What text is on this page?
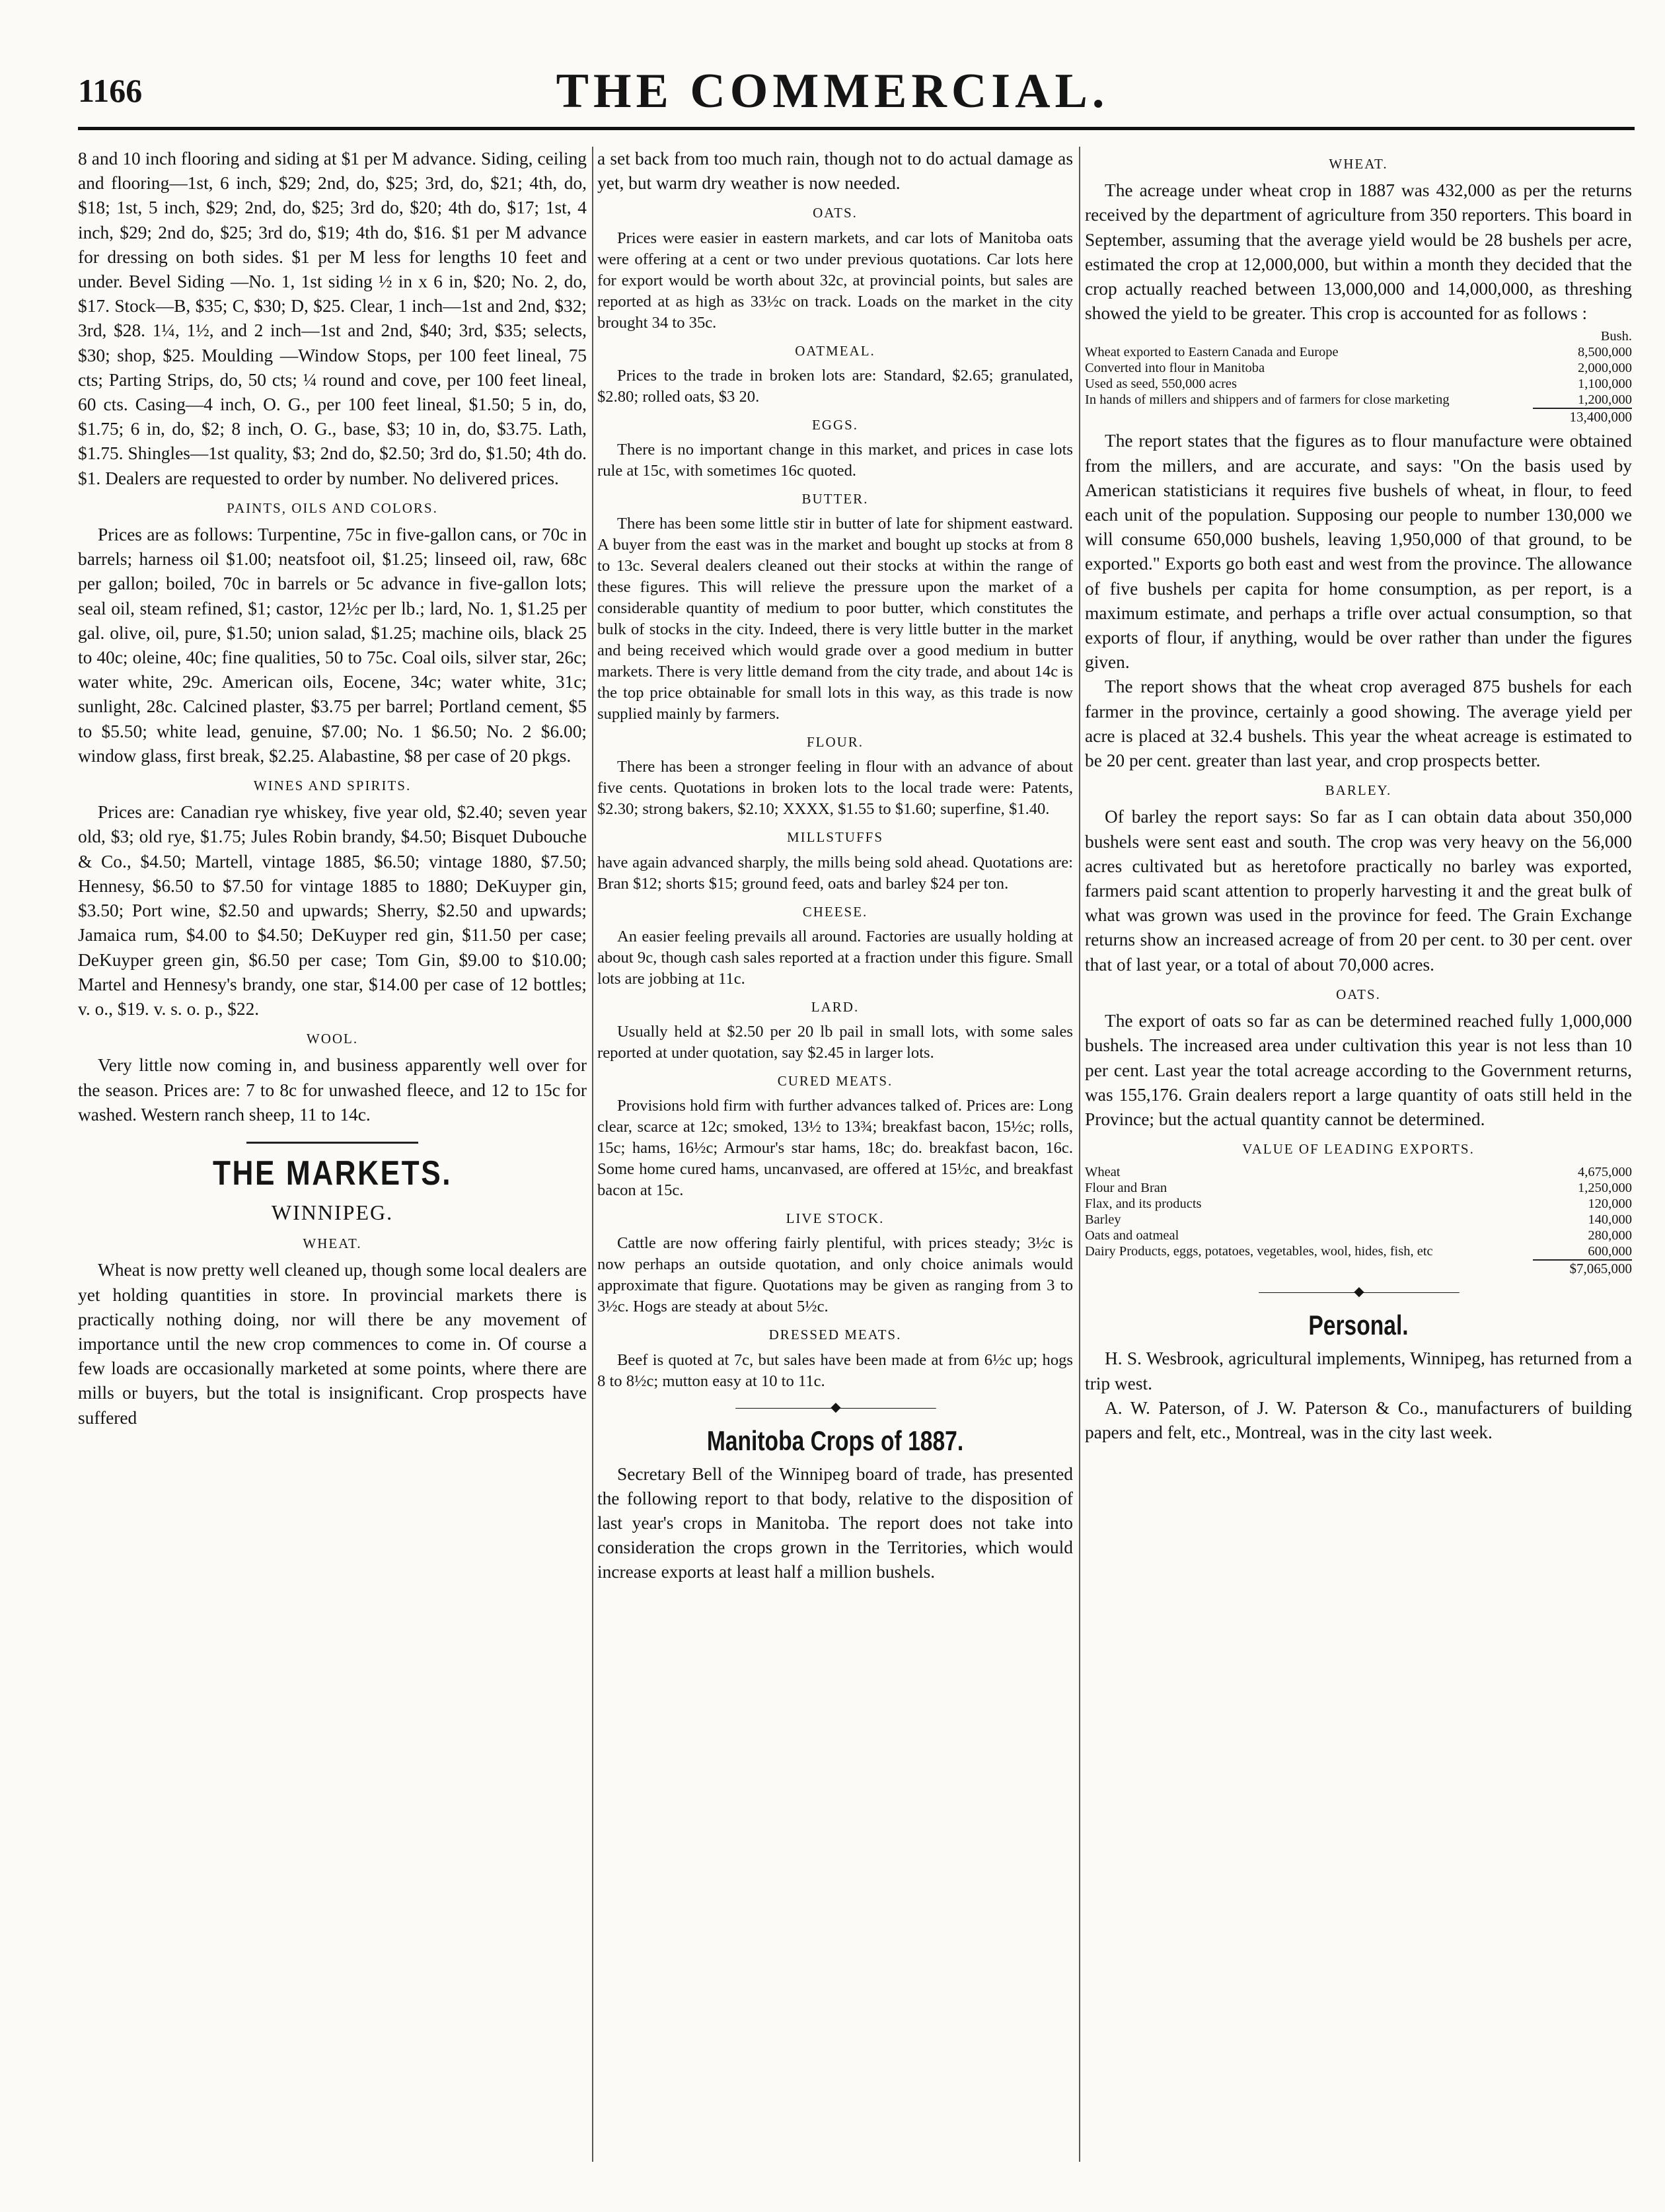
1166	THE COMMERCIAL.

8 and 10 inch flooring and siding at $1 per M advance. Siding, ceiling and flooring—1st, 6 inch, $29; 2nd, do, $25; 3rd, do, $21; 4th, do, $18; 1st, 5 inch, $29; 2nd, do, $25; 3rd do, $20; 4th do, $17; 1st, 4 inch, $29; 2nd do, $25; 3rd do, $19; 4th do, $16. $1 per M advance for dressing on both sides. $1 per M less for lengths 10 feet and under. Bevel Siding —No. 1, 1st siding ½ in x 6 in, $20; No. 2, do, $17. Stock—B, $35; C, $30; D, $25. Clear, 1 inch—1st and 2nd, $32; 3rd, $28. 1¼, 1½, and 2 inch—1st and 2nd, $40; 3rd, $35; selects, $30; shop, $25. Moulding —Window Stops, per 100 feet lineal, 75 cts; Parting Strips, do, 50 cts; ¼ round and cove, per 100 feet lineal, 60 cts. Casing—4 inch, O. G., per 100 feet lineal, $1.50; 5 in, do, $1.75; 6 in, do, $2; 8 inch, O. G., base, $3; 10 in, do, $3.75. Lath, $1.75. Shingles—1st quality, $3; 2nd do, $2.50; 3rd do, $1.50; 4th do. $1. Dealers are requested to order by number. No delivered prices.

PAINTS, OILS AND COLORS.

Prices are as follows: Turpentine, 75c in five-gallon cans, or 70c in barrels; harness oil $1.00; neatsfoot oil, $1.25; linseed oil, raw, 68c per gallon; boiled, 70c in barrels or 5c advance in five-gallon lots; seal oil, steam refined, $1; castor, 12½c per lb.; lard, No. 1, $1.25 per gal. olive, oil, pure, $1.50; union salad, $1.25; machine oils, black 25 to 40c; oleine, 40c; fine qualities, 50 to 75c. Coal oils, silver star, 26c; water white, 29c. American oils, Eocene, 34c; water white, 31c; sunlight, 28c. Calcined plaster, $3.75 per barrel; Portland cement, $5 to $5.50; white lead, genuine, $7.00; No. 1 $6.50; No. 2 $6.00; window glass, first break, $2.25. Alabastine, $8 per case of 20 pkgs.

WINES AND SPIRITS.

Prices are: Canadian rye whiskey, five year old, $2.40; seven year old, $3; old rye, $1.75; Jules Robin brandy, $4.50; Bisquet Dubouche & Co., $4.50; Martell, vintage 1885, $6.50; vintage 1880, $7.50; Hennesy, $6.50 to $7.50 for vintage 1885 to 1880; DeKuyper gin, $3.50; Port wine, $2.50 and upwards; Sherry, $2.50 and upwards; Jamaica rum, $4.00 to $4.50; DeKuyper red gin, $11.50 per case; DeKuyper green gin, $6.50 per case; Tom Gin, $9.00 to $10.00; Martel and Hennesy's brandy, one star, $14.00 per case of 12 bottles; v. o., $19. v. s. o. p., $22.

WOOL.

Very little now coming in, and business apparently well over for the season. Prices are: 7 to 8c for unwashed fleece, and 12 to 15c for washed. Western ranch sheep, 11 to 14c.

THE MARKETS.
WINNIPEG.
WHEAT.

Wheat is now pretty well cleaned up, though some local dealers are yet holding quantities in store. In provincial markets there is practically nothing doing, nor will there be any movement of importance until the new crop commences to come in. Of course a few loads are occasionally marketed at some points, where there are mills or buyers, but the total is insignificant. Crop prospects have suffered

a set back from too much rain, though not to do actual damage as yet, but warm dry weather is now needed.

OATS.

Prices were easier in eastern markets, and car lots of Manitoba oats were offering at a cent or two under previous quotations. Car lots here for export would be worth about 32c, at provincial points, but sales are reported at as high as 33½c on track. Loads on the market in the city brought 34 to 35c.

OATMEAL.

Prices to the trade in broken lots are: Standard, $2.65; granulated, $2.80; rolled oats, $3 20.

EGGS.

There is no important change in this market, and prices in case lots rule at 15c, with sometimes 16c quoted.

BUTTER.

There has been some little stir in butter of late for shipment eastward. A buyer from the east was in the market and bought up stocks at from 8 to 13c. Several dealers cleaned out their stocks at within the range of these figures. This will relieve the pressure upon the market of a considerable quantity of medium to poor butter, which constitutes the bulk of stocks in the city. Indeed, there is very little butter in the market and being received which would grade over a good medium in butter markets. There is very little demand from the city trade, and about 14c is the top price obtainable for small lots in this way, as this trade is now supplied mainly by farmers.

FLOUR.

There has been a stronger feeling in flour with an advance of about five cents. Quotations in broken lots to the local trade were: Patents, $2.30; strong bakers, $2.10; XXXX, $1.55 to $1.60; superfine, $1.40.

MILLSTUFFS

have again advanced sharply, the mills being sold ahead. Quotations are: Bran $12; shorts $15; ground feed, oats and barley $24 per ton.

CHEESE.

An easier feeling prevails all around. Factories are usually holding at about 9c, though cash sales reported at a fraction under this figure. Small lots are jobbing at 11c.

LARD.

Usually held at $2.50 per 20 lb pail in small lots, with some sales reported at under quotation, say $2.45 in larger lots.

CURED MEATS.

Provisions hold firm with further advances talked of. Prices are: Long clear, scarce at 12c; smoked, 13½ to 13¾; breakfast bacon, 15½c; rolls, 15c; hams, 16½c; Armour's star hams, 18c; do. breakfast bacon, 16c. Some home cured hams, uncanvased, are offered at 15½c, and breakfast bacon at 15c.

LIVE STOCK.

Cattle are now offering fairly plentiful, with prices steady; 3½c is now perhaps an outside quotation, and only choice animals would approximate that figure. Quotations may be given as ranging from 3 to 3½c. Hogs are steady at about 5½c.

DRESSED MEATS.

Beef is quoted at 7c, but sales have been made at from 6½c up; hogs 8 to 8½c; mutton easy at 10 to 11c.

————————◆————————
Manitoba Crops of 1887.

Secretary Bell of the Winnipeg board of trade, has presented the following report to that body, relative to the disposition of last year's crops in Manitoba. The report does not take into consideration the crops grown in the Territories, which would increase exports at least half a million bushels.

WHEAT.

The acreage under wheat crop in 1887 was 432,000 as per the returns received by the department of agriculture from 350 reporters. This board in September, assuming that the average yield would be 28 bushels per acre, estimated the crop at 12,000,000, but within a month they decided that the crop actually reached between 13,000,000 and 14,000,000, as threshing showed the yield to be greater. This crop is accounted for as follows :

Bush.
Wheat exported to Eastern Canada and Europe	8,500,000
Converted into flour in Manitoba	2,000,000
Used as seed, 550,000 acres	1,100,000
In hands of millers and shippers and of farmers for close marketing	1,200,000
13,400,000

The report states that the figures as to flour manufacture were obtained from the millers, and are accurate, and says: "On the basis used by American statisticians it requires five bushels of wheat, in flour, to feed each unit of the population. Supposing our people to number 130,000 we will consume 650,000 bushels, leaving 1,950,000 of that ground, to be exported." Exports go both east and west from the province. The allowance of five bushels per capita for home consumption, as per report, is a maximum estimate, and perhaps a trifle over actual consumption, so that exports of flour, if anything, would be over rather than under the figures given.

The report shows that the wheat crop averaged 875 bushels for each farmer in the province, certainly a good showing. The average yield per acre is placed at 32.4 bushels. This year the wheat acreage is estimated to be 20 per cent. greater than last year, and crop prospects better.

BARLEY.

Of barley the report says: So far as I can obtain data about 350,000 bushels were sent east and south. The crop was very heavy on the 56,000 acres cultivated but as heretofore practically no barley was exported, farmers paid scant attention to properly harvesting it and the great bulk of what was grown was used in the province for feed. The Grain Exchange returns show an increased acreage of from 20 per cent. to 30 per cent. over that of last year, or a total of about 70,000 acres.

OATS.

The export of oats so far as can be determined reached fully 1,000,000 bushels. The increased area under cultivation this year is not less than 10 per cent. Last year the total acreage according to the Government returns, was 155,176. Grain dealers report a large quantity of oats still held in the Province; but the actual quantity cannot be determined.

VALUE OF LEADING EXPORTS.
Wheat	4,675,000
Flour and Bran	1,250,000
Flax, and its products	120,000
Barley	140,000
Oats and oatmeal	280,000
Dairy Products, eggs, potatoes, vegetables, wool, hides, fish, etc	600,000
$7,065,000
————————◆————————
Personal.

H. S. Wesbrook, agricultural implements, Winnipeg, has returned from a trip west.

A. W. Paterson, of J. W. Paterson & Co., manufacturers of building papers and felt, etc., Montreal, was in the city last week.
